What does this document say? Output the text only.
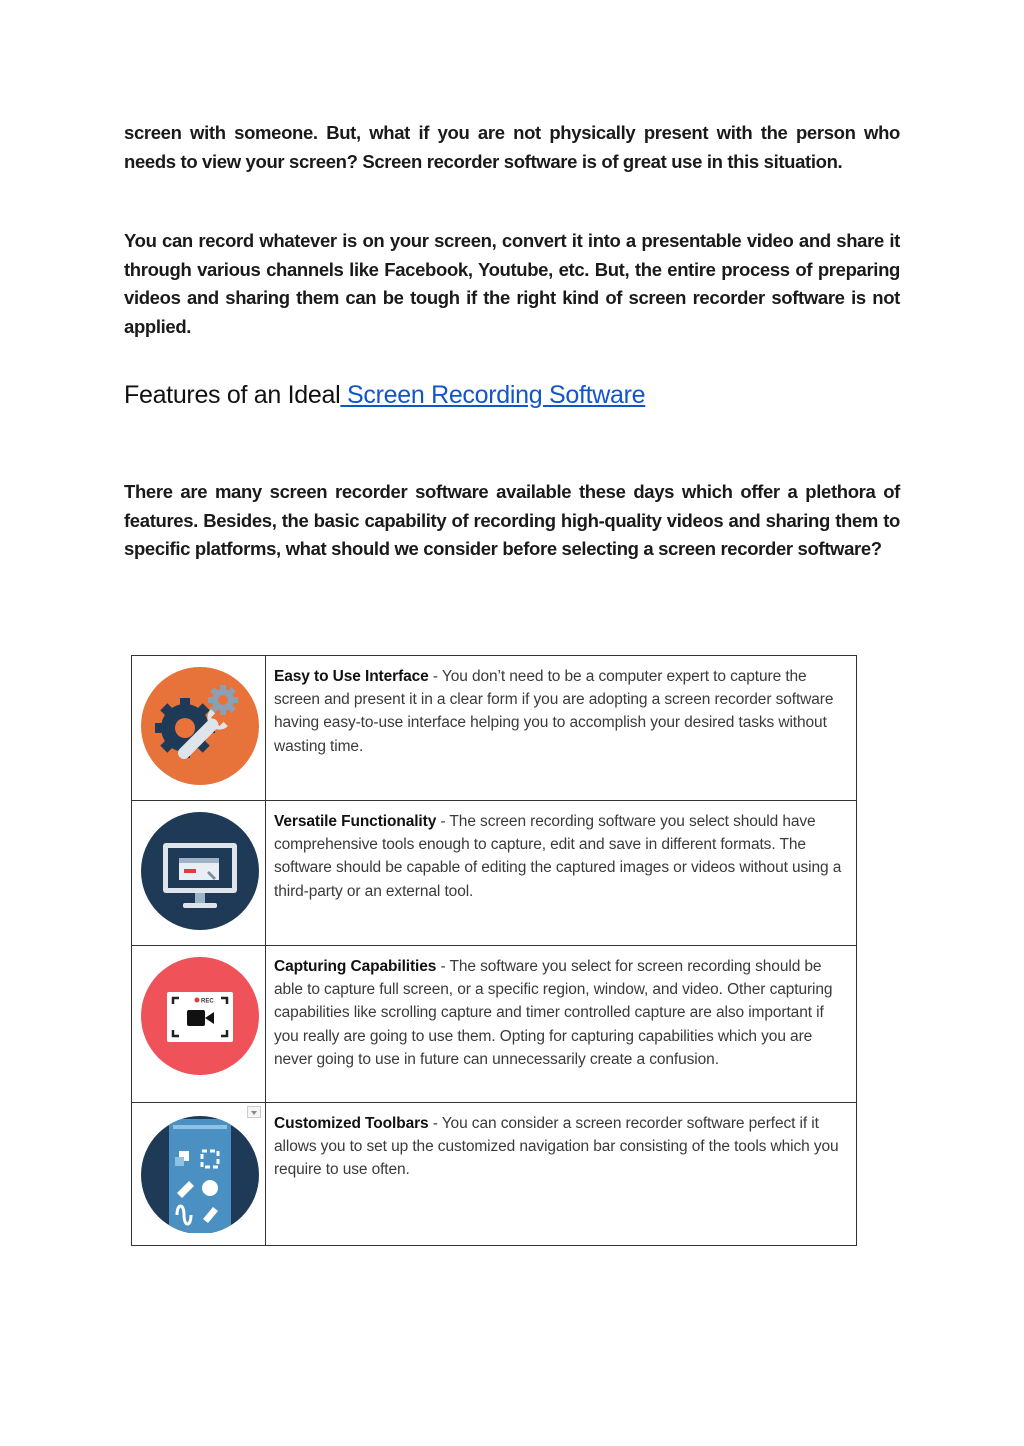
screen with someone. But, what if you are not physically present with the person who needs to view your screen? Screen recorder software is of great use in this situation.

You can record whatever is on your screen, convert it into a presentable video and share it through various channels like Facebook, Youtube, etc. But, the entire process of preparing videos and sharing them can be tough if the right kind of screen recorder software is not applied.

Features of an Ideal Screen Recording Software

There are many screen recorder software available these days which offer a plethora of features. Besides, the basic capability of recording high-quality videos and sharing them to specific platforms, what should we consider before selecting a screen recorder software?

Easy to Use Interface - You don’t need to be a computer expert to capture the screen and present it in a clear form if you are adopting a screen recorder software having easy-to-use interface helping you to accomplish your desired tasks without wasting time.
Versatile Functionality - The screen recording software you select should have comprehensive tools enough to capture, edit and save in different formats. The software should be capable of editing the captured images or videos without using a third-party or an external tool.
REC
Capturing Capabilities - The software you select for screen recording should be able to capture full screen, or a specific region, window, and video. Other capturing capabilities like scrolling capture and timer controlled capture are also important if you really are going to use them. Opting for capturing capabilities which you are never going to use in future can unnecessarily create a confusion.
Customized Toolbars - You can consider a screen recorder software perfect if it allows you to set up the customized navigation bar consisting of the tools which you require to use often.
